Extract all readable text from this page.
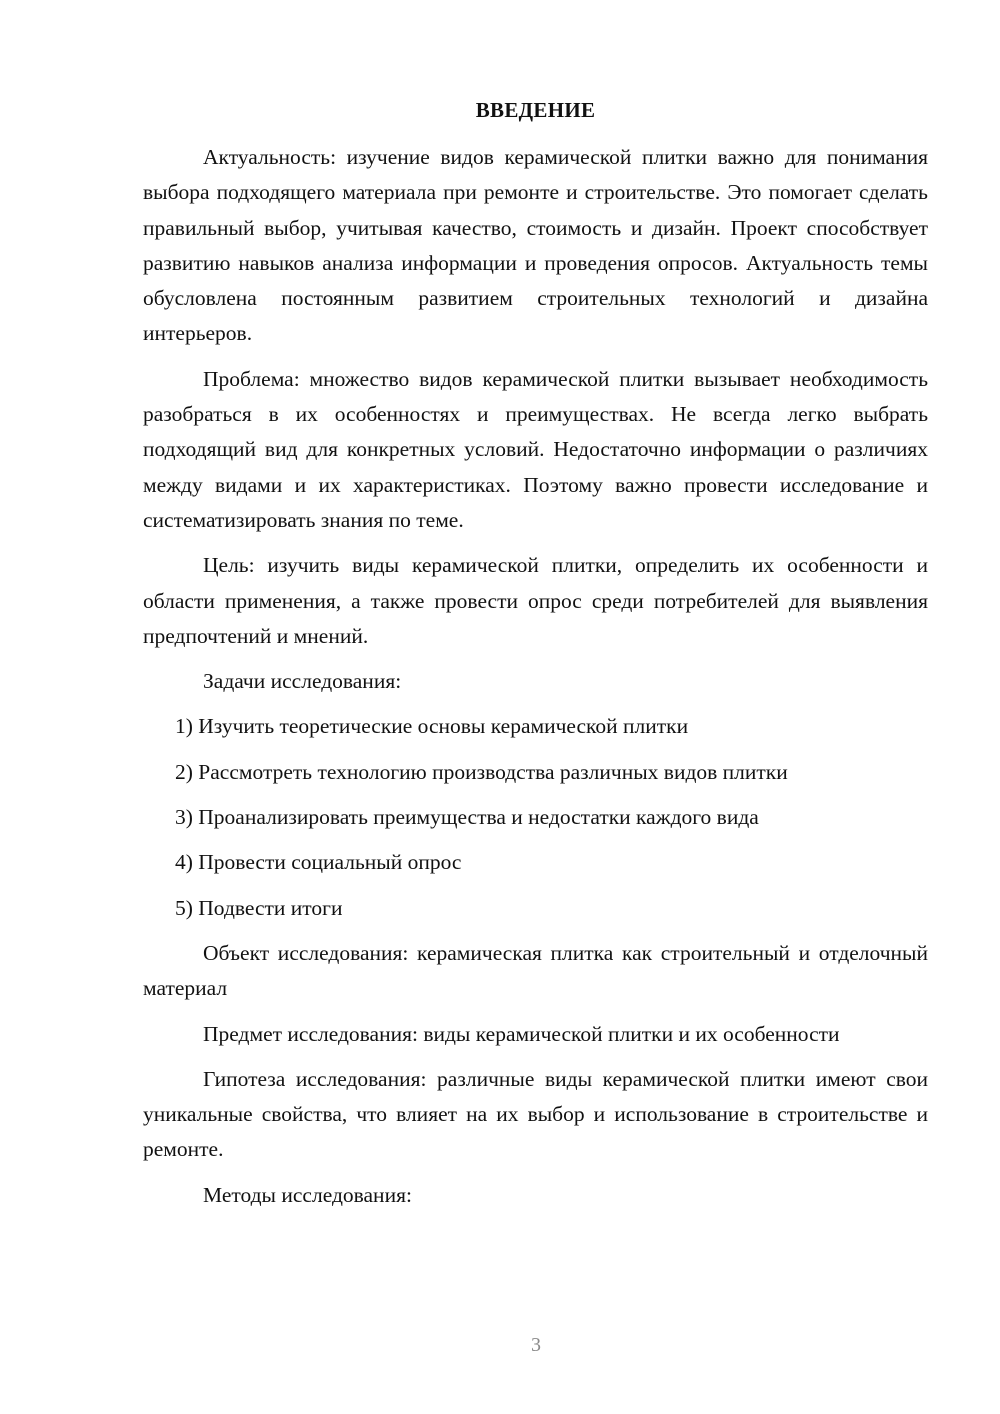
ВВЕДЕНИЕ

Актуальность: изучение видов керамической плитки важно для понимания выбора подходящего материала при ремонте и строительстве. Это помогает сделать правильный выбор, учитывая качество, стоимость и дизайн. Проект способствует развитию навыков анализа информации и проведения опросов. Актуальность темы обусловлена постоянным развитием строительных технологий и дизайна интерьеров.

Проблема: множество видов керамической плитки вызывает необходимость разобраться в их особенностях и преимуществах. Не всегда легко выбрать подходящий вид для конкретных условий. Недостаточно информации о различиях между видами и их характеристиках. Поэтому важно провести исследование и систематизировать знания по теме.

Цель: изучить виды керамической плитки, определить их особенности и области применения, а также провести опрос среди потребителей для выявления предпочтений и мнений.

Задачи исследования:

1) Изучить теоретические основы керамической плитки
2) Рассмотреть технологию производства различных видов плитки
3) Проанализировать преимущества и недостатки каждого вида
4) Провести социальный опрос
5) Подвести итоги

Объект исследования: керамическая плитка как строительный и отделочный материал

Предмет исследования: виды керамической плитки и их особенности

Гипотеза исследования: различные виды керамической плитки имеют свои уникальные свойства, что влияет на их выбор и использование в строительстве и ремонте.

Методы исследования:

3
